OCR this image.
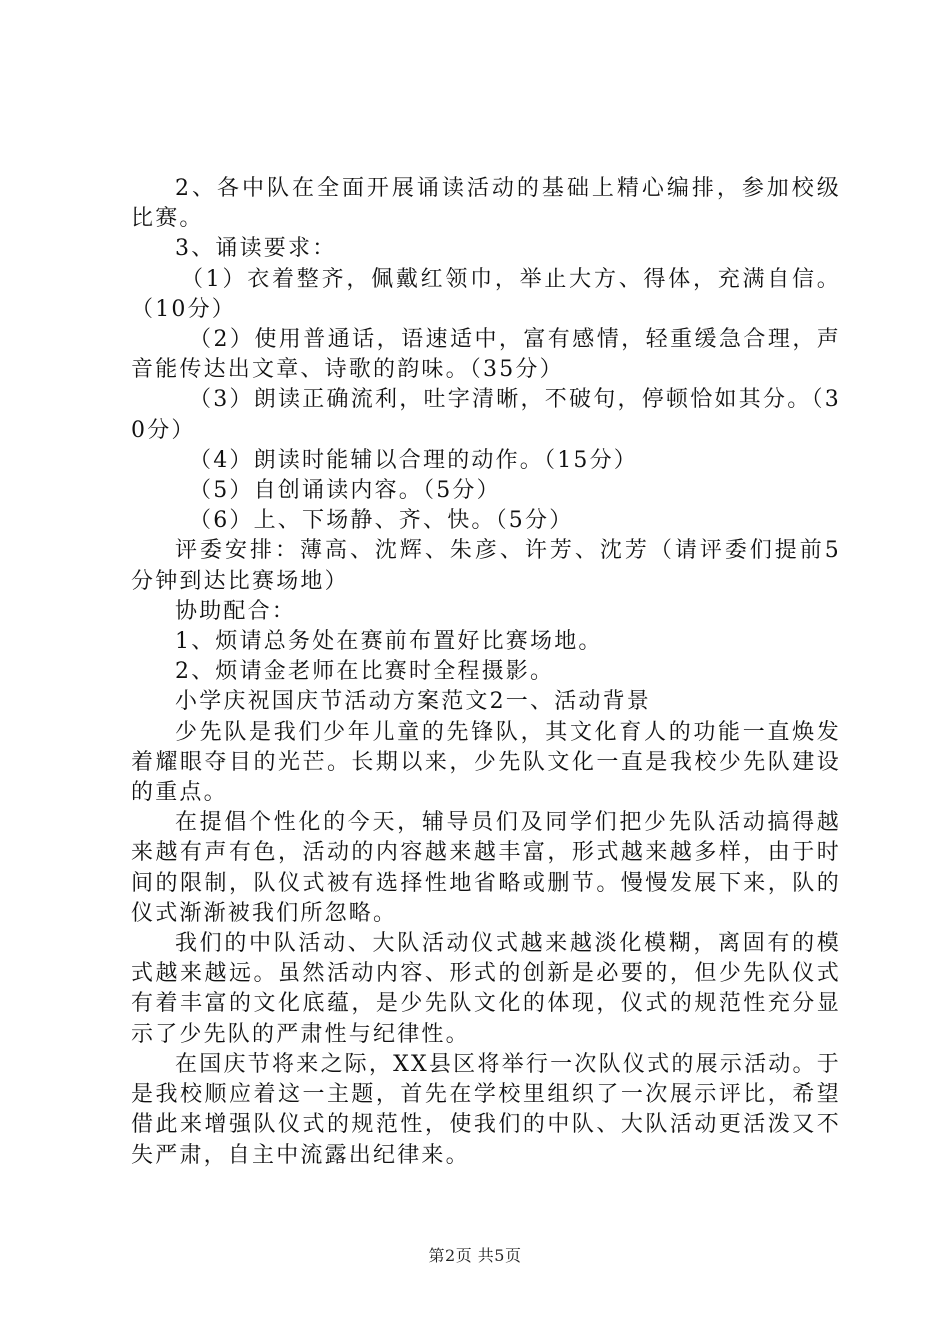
2、各中队在全面开展诵读活动的基础上精心编排，参加校级比赛。

3、诵读要求：

（1）衣着整齐，佩戴红领巾，举止大方、得体，充满自信。（10分）

（2）使用普通话，语速适中，富有感情，轻重缓急合理，声音能传达出文章、诗歌的韵味。（35分）

（3）朗读正确流利，吐字清晰，不破句，停顿恰如其分。（30分）

（4）朗读时能辅以合理的动作。（15分）

（5）自创诵读内容。（5分）

（6）上、下场静、齐、快。（5分）

评委安排：薄高、沈辉、朱彦、许芳、沈芳（请评委们提前5分钟到达比赛场地）

协助配合：

1、烦请总务处在赛前布置好比赛场地。

2、烦请金老师在比赛时全程摄影。

小学庆祝国庆节活动方案范文2一、活动背景

少先队是我们少年儿童的先锋队，其文化育人的功能一直焕发着耀眼夺目的光芒。长期以来，少先队文化一直是我校少先队建设的重点。

在提倡个性化的今天，辅导员们及同学们把少先队活动搞得越来越有声有色，活动的内容越来越丰富，形式越来越多样，由于时间的限制，队仪式被有选择性地省略或删节。慢慢发展下来，队的仪式渐渐被我们所忽略。

我们的中队活动、大队活动仪式越来越淡化模糊，离固有的模式越来越远。虽然活动内容、形式的创新是必要的，但少先队仪式有着丰富的文化底蕴，是少先队文化的体现，仪式的规范性充分显示了少先队的严肃性与纪律性。

在国庆节将来之际，XX县区将举行一次队仪式的展示活动。于是我校顺应着这一主题，首先在学校里组织了一次展示评比，希望借此来增强队仪式的规范性，使我们的中队、大队活动更活泼又不失严肃，自主中流露出纪律来。

第2页 共5页
